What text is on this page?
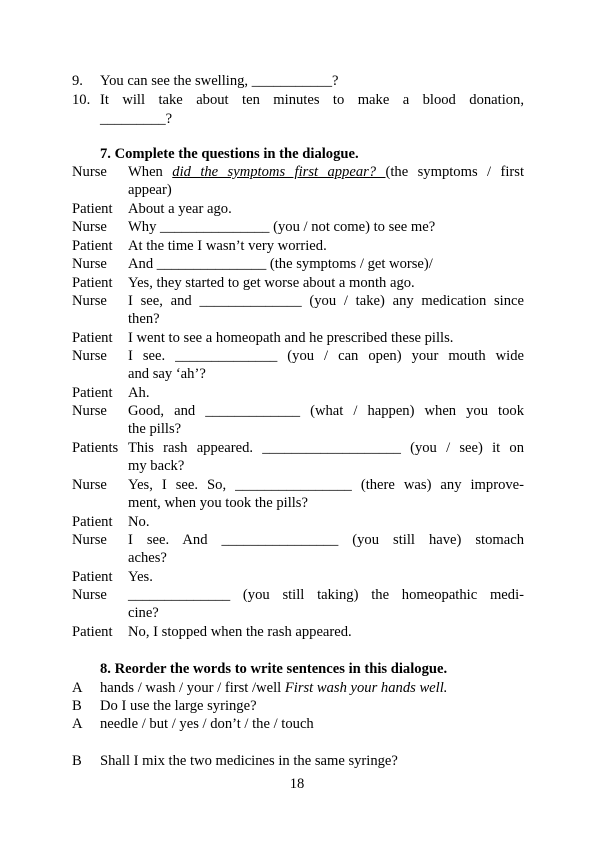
9. You can see the swelling, ___________?
10. It will take about ten minutes to make a blood donation,
_________?
7. Complete the questions in the dialogue.
Nurse When did the symptoms first appear? (the symptoms / first
appear)
Patient About a year ago.
Nurse Why _______________ (you / not come) to see me?
Patient At the time I wasn’t very worried.
Nurse And _______________ (the symptoms / get worse)/
Patient Yes, they started to get worse about a month ago.
Nurse I see, and ______________ (you / take) any medication since
then?
Patient I went to see a homeopath and he prescribed these pills.
Nurse I see. ______________ (you / can open) your mouth wide
and say ‘ah’?
Patient Ah.
Nurse Good, and _____________ (what / happen) when you took
the pills?
Patients This rash appeared. ___________________ (you / see) it on
my back?
Nurse Yes, I see. So, ________________ (there was) any improve-
ment, when you took the pills?
Patient No.
Nurse I see. And ________________ (you still have) stomach
aches?
Patient Yes.
Nurse ______________ (you still taking) the homeopathic medi-
cine?
Patient No, I stopped when the rash appeared.
8. Reorder the words to write sentences in this dialogue.
A hands / wash / your / first /well First wash your hands well.
B Do I use the large syringe?
A needle / but / yes / don’t / the / touch
B Shall I mix the two medicines in the same syringe?
18
